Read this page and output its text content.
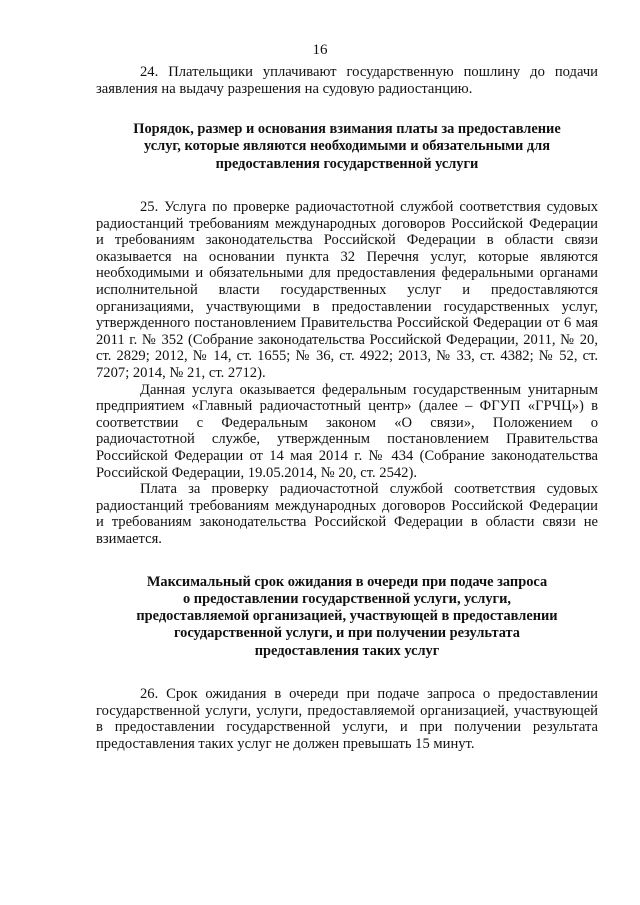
16

24. Плательщики уплачивают государственную пошлину до подачи заявления на выдачу разрешения на судовую радиостанцию.

Порядок, размер и основания взимания платы за предоставление
услуг, которые являются необходимыми и обязательными для
предоставления государственной услуги

25. Услуга по проверке радиочастотной службой соответствия судовых радиостанций требованиям международных договоров Российской Федерации и требованиям законодательства Российской Федерации в области связи оказывается на основании пункта 32 Перечня услуг, которые являются необходимыми и обязательными для предоставления федеральными органами исполнительной власти государственных услуг и предоставляются организациями, участвующими в предоставлении государственных услуг, утвержденного постановлением Правительства Российской Федерации от 6 мая 2011 г. № 352 (Собрание законодательства Российской Федерации, 2011, № 20, ст. 2829; 2012, № 14, ст. 1655; № 36, ст. 4922; 2013, № 33, ст. 4382; № 52, ст. 7207; 2014, № 21, ст. 2712).

Данная услуга оказывается федеральным государственным унитарным предприятием «Главный радиочастотный центр» (далее – ФГУП «ГРЧЦ») в соответствии с Федеральным законом «О связи», Положением о радиочастотной службе, утвержденным постановлением Правительства Российской Федерации от 14 мая 2014 г. № 434 (Собрание законодательства Российской Федерации, 19.05.2014, № 20, ст. 2542).

Плата за проверку радиочастотной службой соответствия судовых радиостанций требованиям международных договоров Российской Федерации и требованиям законодательства Российской Федерации в области связи не взимается.

Максимальный срок ожидания в очереди при подаче запроса
о предоставлении государственной услуги, услуги,
предоставляемой организацией, участвующей в предоставлении
государственной услуги, и при получении результата
предоставления таких услуг

26. Срок ожидания в очереди при подаче запроса о предоставлении государственной услуги, услуги, предоставляемой организацией, участвующей в предоставлении государственной услуги, и при получении результата предоставления таких услуг не должен превышать 15 минут.
